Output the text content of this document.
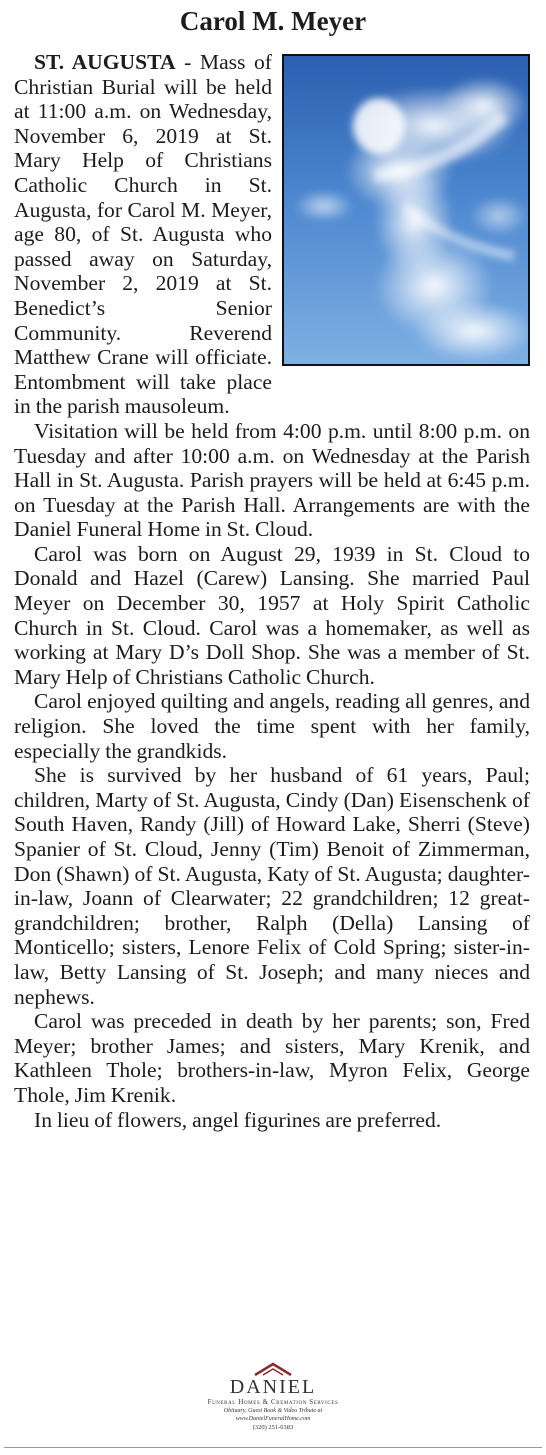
Carol M. Meyer

ST. AUGUSTA - Mass of Christian Burial will be held at 11:00 a.m. on Wednesday, November 6, 2019 at St. Mary Help of Christians Catholic Church in St. Augusta, for Carol M. Meyer, age 80, of St. Augusta who passed away on Saturday, November 2, 2019 at St. Benedict’s Senior Community. Reverend Matthew Crane will officiate. Entombment will take place in the parish mausoleum.

Visitation will be held from 4:00 p.m. until 8:00 p.m. on Tuesday and after 10:00 a.m. on Wednesday at the Parish Hall in St. Augusta. Parish prayers will be held at 6:45 p.m. on Tuesday at the Parish Hall. Arrangements are with the Daniel Funeral Home in St. Cloud.

Carol was born on August 29, 1939 in St. Cloud to Donald and Hazel (Carew) Lansing. She married Paul Meyer on December 30, 1957 at Holy Spirit Catholic Church in St. Cloud. Carol was a homemaker, as well as working at Mary D’s Doll Shop. She was a member of St. Mary Help of Christians Catholic Church.

Carol enjoyed quilting and angels, reading all genres, and religion. She loved the time spent with her family, especially the grandkids.

She is survived by her husband of 61 years, Paul; children, Marty of St. Augusta, Cindy (Dan) Eisenschenk of South Haven, Randy (Jill) of Howard Lake, Sherri (Steve) Spanier of St. Cloud, Jenny (Tim) Benoit of Zimmerman, Don (Shawn) of St. Augusta, Katy of St. Augusta; daughter-in-law, Joann of Clearwater; 22 grandchildren; 12 great-grandchildren; brother, Ralph (Della) Lansing of Monticello; sisters, Lenore Felix of Cold Spring; sister-in-law, Betty Lansing of St. Joseph; and many nieces and nephews.

Carol was preceded in death by her parents; son, Fred Meyer; brother James; and sisters, Mary Krenik, and Kathleen Thole; brothers-in-law, Myron Felix, George Thole, Jim Krenik.

In lieu of flowers, angel figurines are preferred.

DANIEL
Funeral Homes & Cremation Services
Obituary, Guest Book & Video Tribute at
www.DanielFuneralHome.com
(320) 251-0383
